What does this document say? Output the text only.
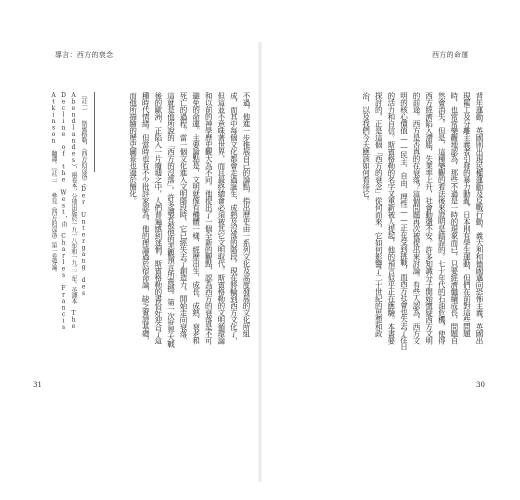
導言：西方的衰念	西方的命運
不過，他進一步推展自己的論點，指出歷史由一系列文化及高度發展的文化所組成，而其中每個文化都會走過誕生、成熟及沒落的階段。現在將輪到西方文化了，但這並不意味著世界，而且最終總會必須被其它文明取代。斯賓格勒的文明循環論和以前的神學歷史觀大為不同。他提出了一個全新的觀點，認為西方的衰落是不可避免的命運。主要論點是，文明就像有機體一樣，經歷出生、成長、成熟、衰老和死亡的過程。當一個文化進入文明階段時，它已經失去了創造力，開始走向衰落。這就是他所說的「西方的沒落」。許多讀者被他的悲觀預言所震撼。第一次世界大戰後的歐洲，正陷入一片廢墟之中，人們普遍感到迷惘，斯賓格勒的書恰好迎合了這種時代情緒。但當時也有不少批評家認為，他的理論過於宿命論，缺乏實證基礎，而他所描繪的歷史圖景也過於簡化。
〔註一〕 斯賓格勒，《西方的沒落》（Der Untergang des Abendlandes），兩卷本，分別出版於一九一八年和一九二二年。英譯本 The Decline of the West，由 Charles Francis Atkinson 翻譯。〔註二〕 參見《西方的沒落》第一卷導論。	背年運動，英國則出現民權運動及反戰行動，義大利和德國邁向恐怖主義，英國出現罷工及分離主義者引發的暴力動亂。日本則有學生運動，但們在前對這些問題時，也常常樂觀地認為，那些不過是一時的現象而已，只要經濟繼續成長，問題自然會消失。但是，這種樂觀的看法後來證明是錯誤的。七十年代的石油危機，使得西方經濟陷入滯脹，失業率上升，社會動盪不安。許多知識分子開始懷疑西方文明的前途。西方是否真的在衰落？這個問題再次被提出來討論。有些人認為，西方文明的核心價值——民主、自由、理性——正在受到挑戰，而西方社會也失去了往日的活力和自信。斯賓格勒的名字又重新被人提起，他的預言似乎正在應驗。本書要探討的，正是這個「西方的衰念」從何而來，它如何影響了二十世紀的思想和政治，以及我們今天應該如何看待它。
31	30
